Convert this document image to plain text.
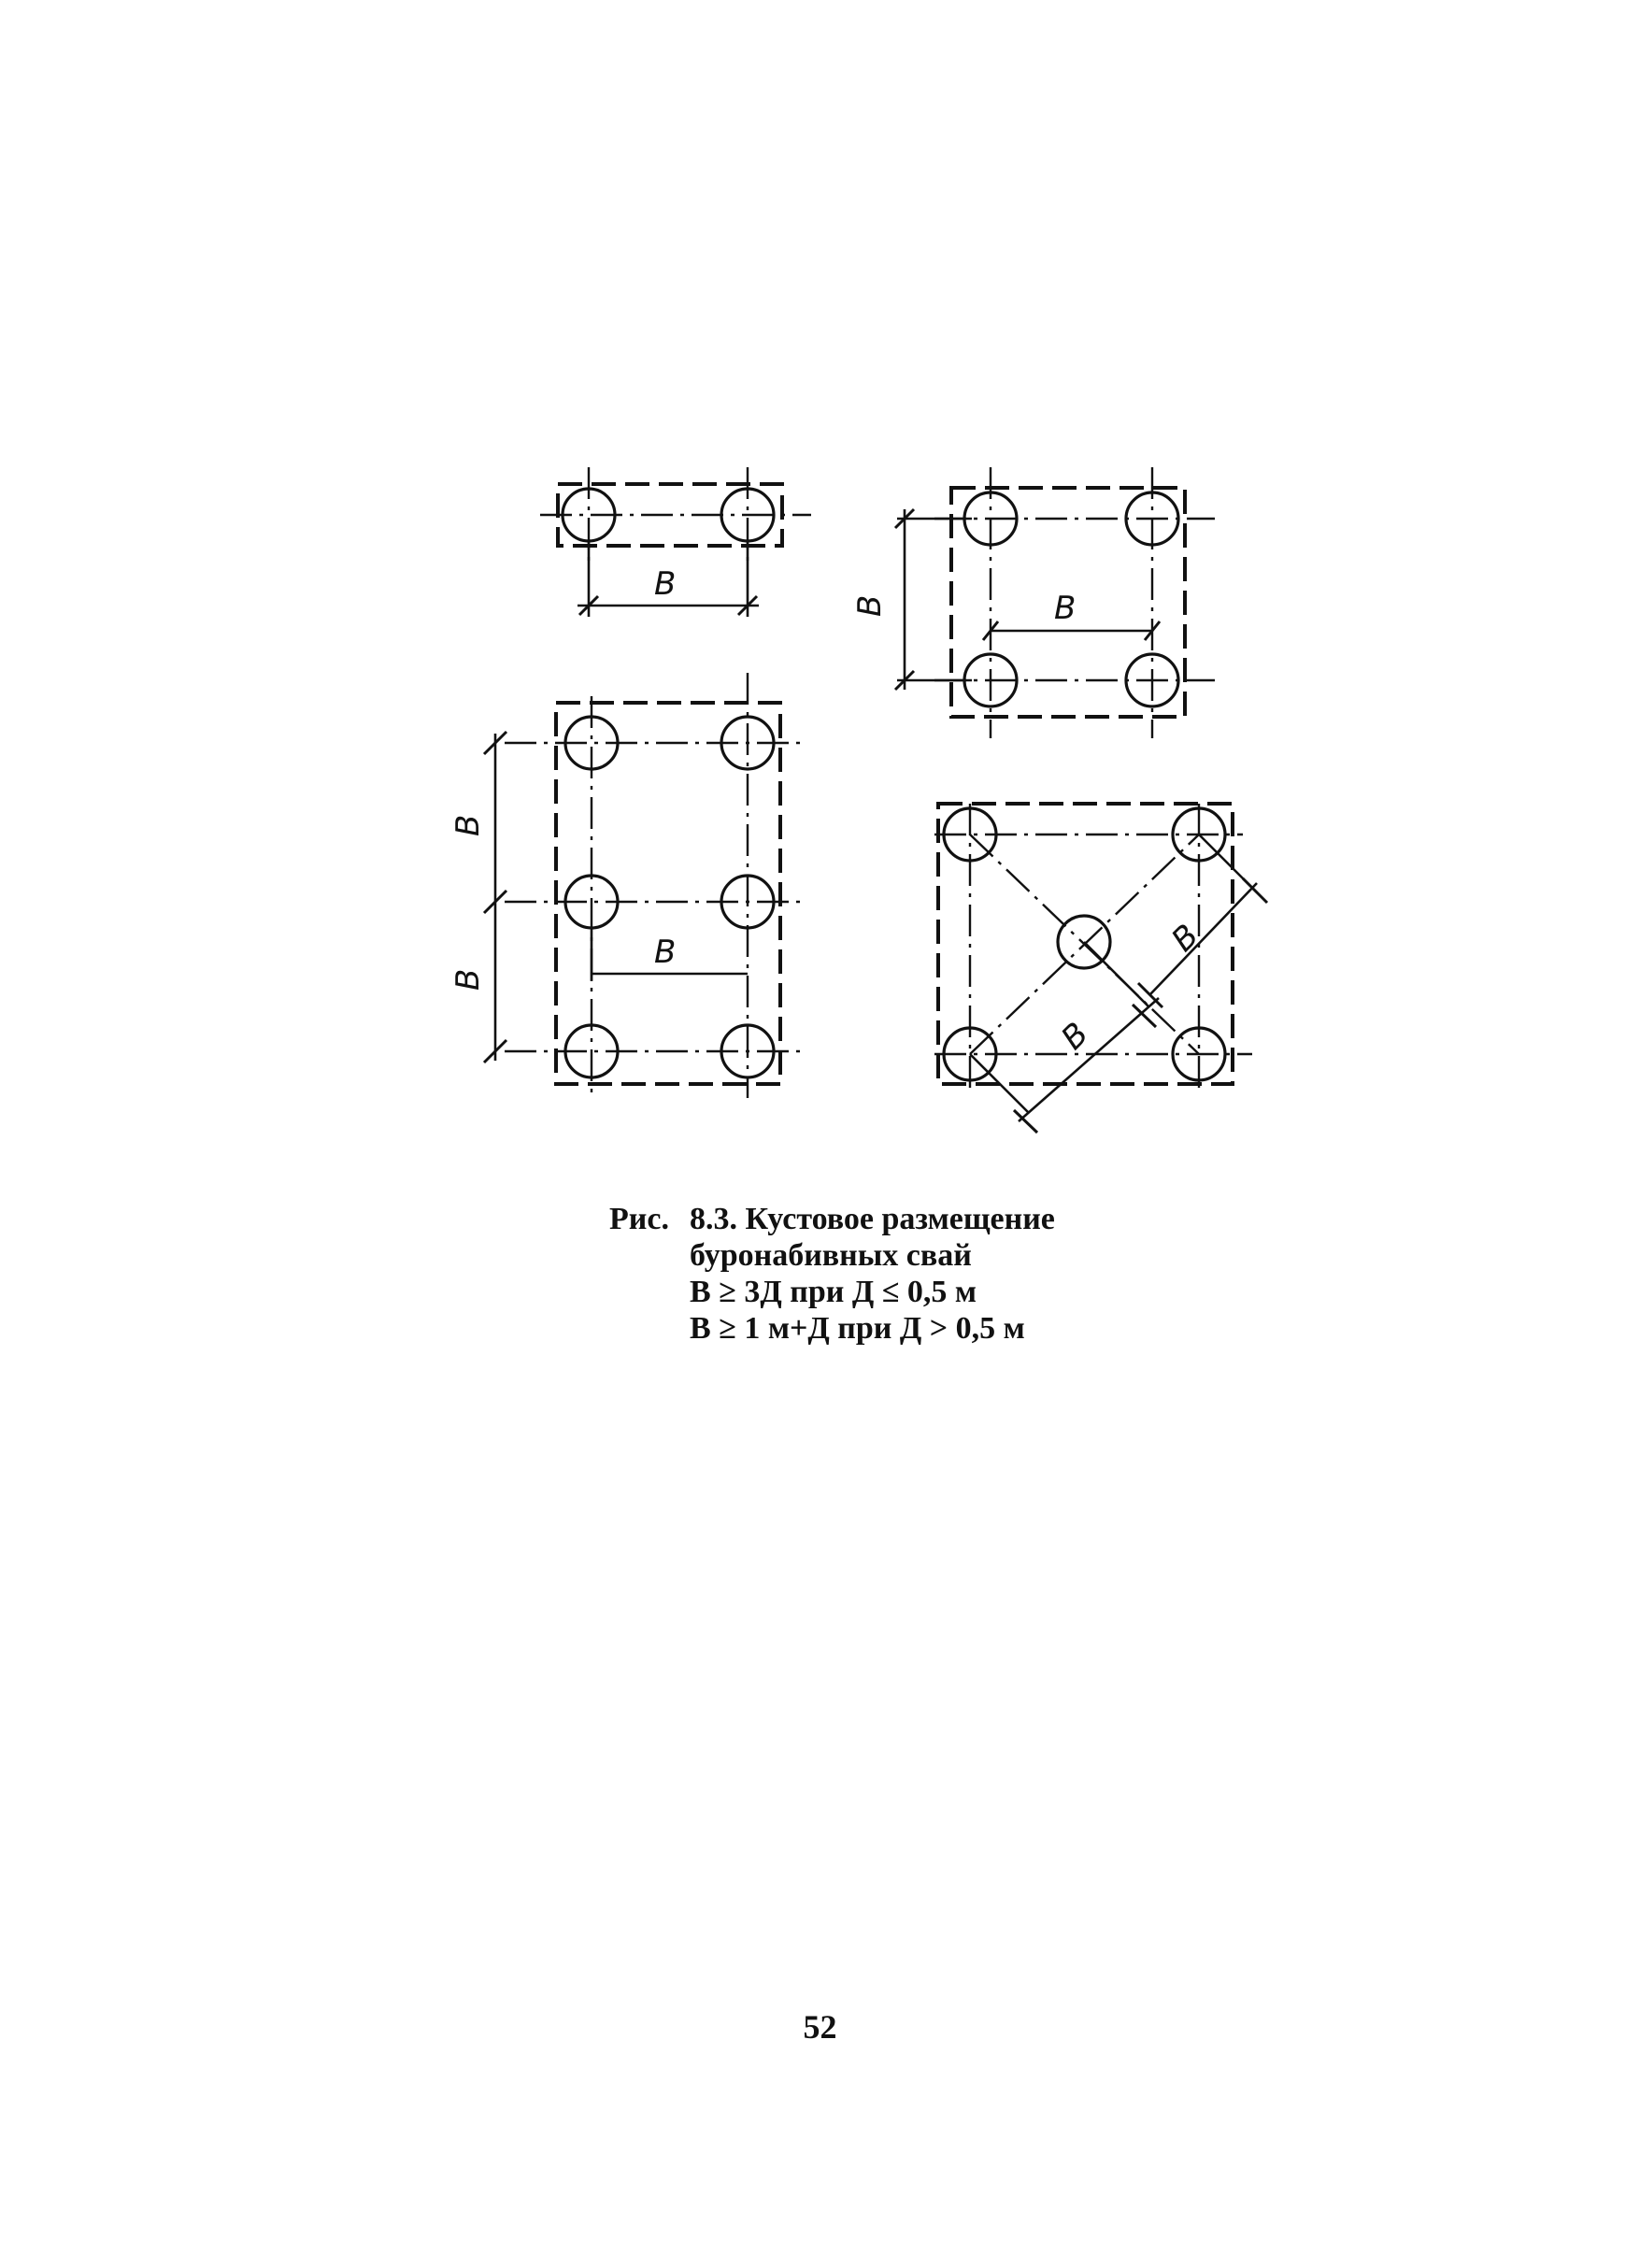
В
В
В
В
В
В
В
В
Рис. 8.3. Кустовое размещение
буронабивных свай
В ≥ 3Д при Д ≤ 0,5 м
В ≥ 1 м+Д при Д > 0,5 м
52
